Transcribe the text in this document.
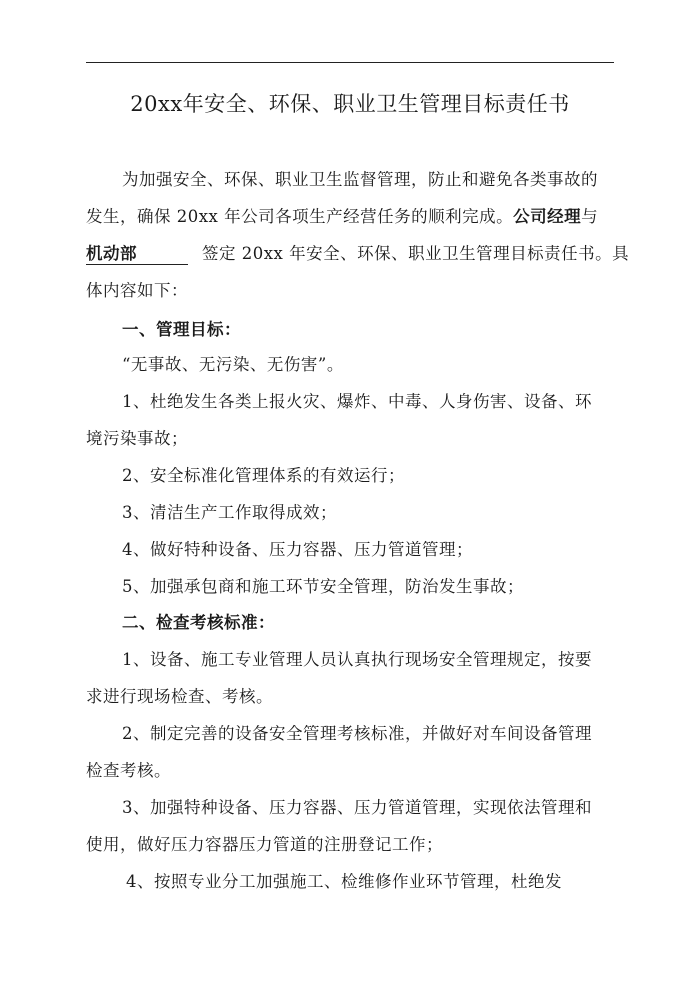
20xx年安全、环保、职业卫生管理目标责任书
为加强安全、环保、职业卫生监督管理，防止和避免各类事故的
发生，确保 20xx 年公司各项生产经营任务的顺利完成。公司经理与
机动部	签定 20xx 年安全、环保、职业卫生管理目标责任书。具
体内容如下：
一、管理目标：
“无事故、无污染、无伤害”。
1、杜绝发生各类上报火灾、爆炸、中毒、人身伤害、设备、环
境污染事故；
2、安全标准化管理体系的有效运行；
3、清洁生产工作取得成效；
4、做好特种设备、压力容器、压力管道管理；
5、加强承包商和施工环节安全管理，防治发生事故；
二、检查考核标准：
1、设备、施工专业管理人员认真执行现场安全管理规定，按要
求进行现场检查、考核。
2、制定完善的设备安全管理考核标准，并做好对车间设备管理
检查考核。
3、加强特种设备、压力容器、压力管道管理，实现依法管理和
使用，做好压力容器压力管道的注册登记工作；
4、按照专业分工加强施工、检维修作业环节管理，杜绝发
